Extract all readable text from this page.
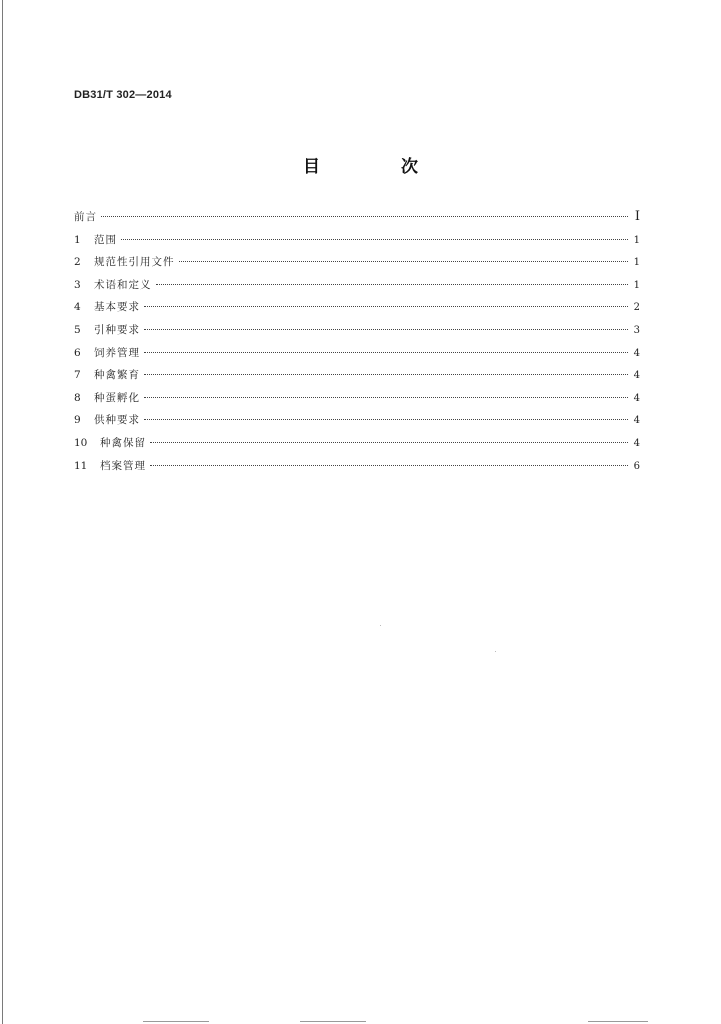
DB31/T 302—2014
目　次
前言	I
1	范围	1
2	规范性引用文件	1
3	术语和定义	1
4	基本要求	2
5	引种要求	3
6	饲养管理	4
7	种禽繁育	4
8	种蛋孵化	4
9	供种要求	4
10	种禽保留	4
11	档案管理	6
